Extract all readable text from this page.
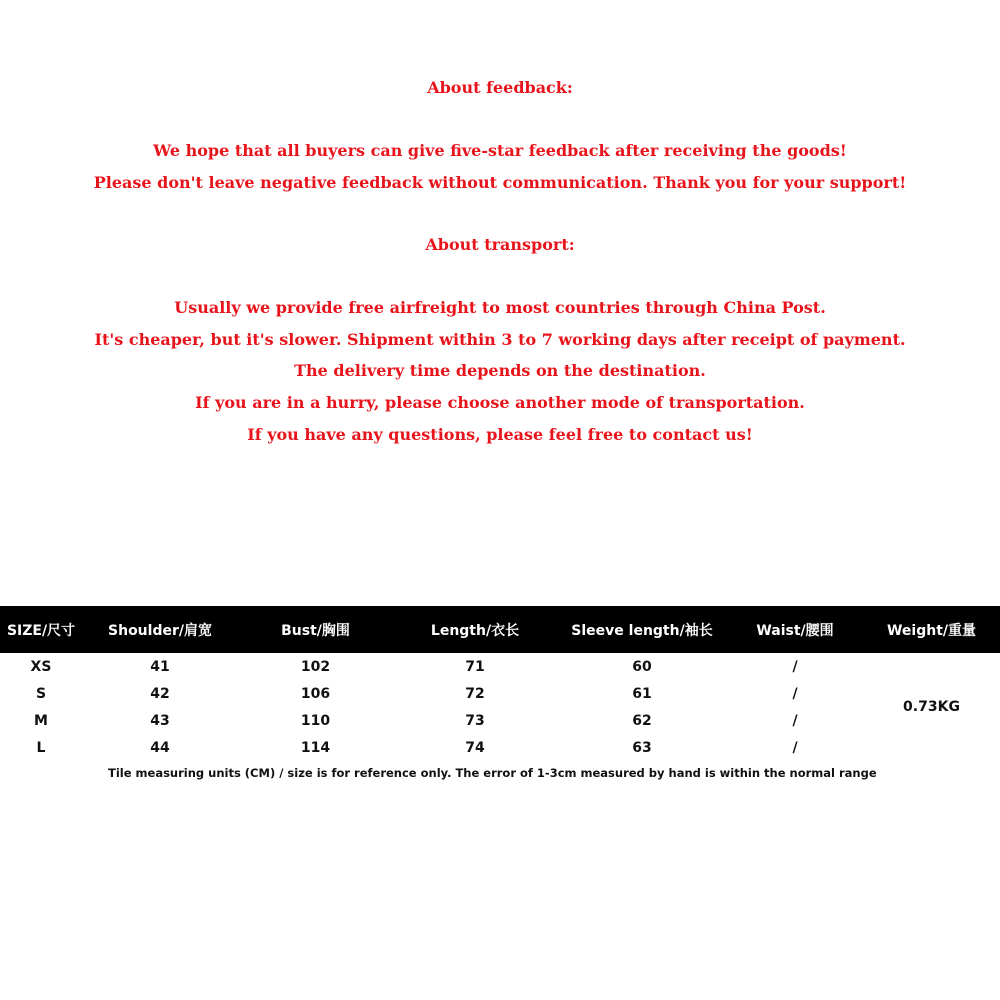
About feedback:
We hope that all buyers can give five-star feedback after receiving the goods!
Please don't leave negative feedback without communication. Thank you for your support!
About transport:
Usually we provide free airfreight to most countries through China Post.
It's cheaper, but it's slower. Shipment within 3 to 7 working days after receipt of payment.
The delivery time depends on the destination.
If you are in a hurry, please choose another mode of transportation.
If you have any questions, please feel free to contact us!
SIZE/尺寸	Shoulder/肩宽	Bust/胸围	Length/衣长	Sleeve length/袖长	Waist/腰围	Weight/重量
XS	41	102	71	60	/	0.73KG
S	42	106	72	61	/	
M	43	110	73	62	/	
L	44	114	74	63	/	
Tile measuring units (CM) / size is for reference only. The error of 1-3cm measured by hand is within the normal range
